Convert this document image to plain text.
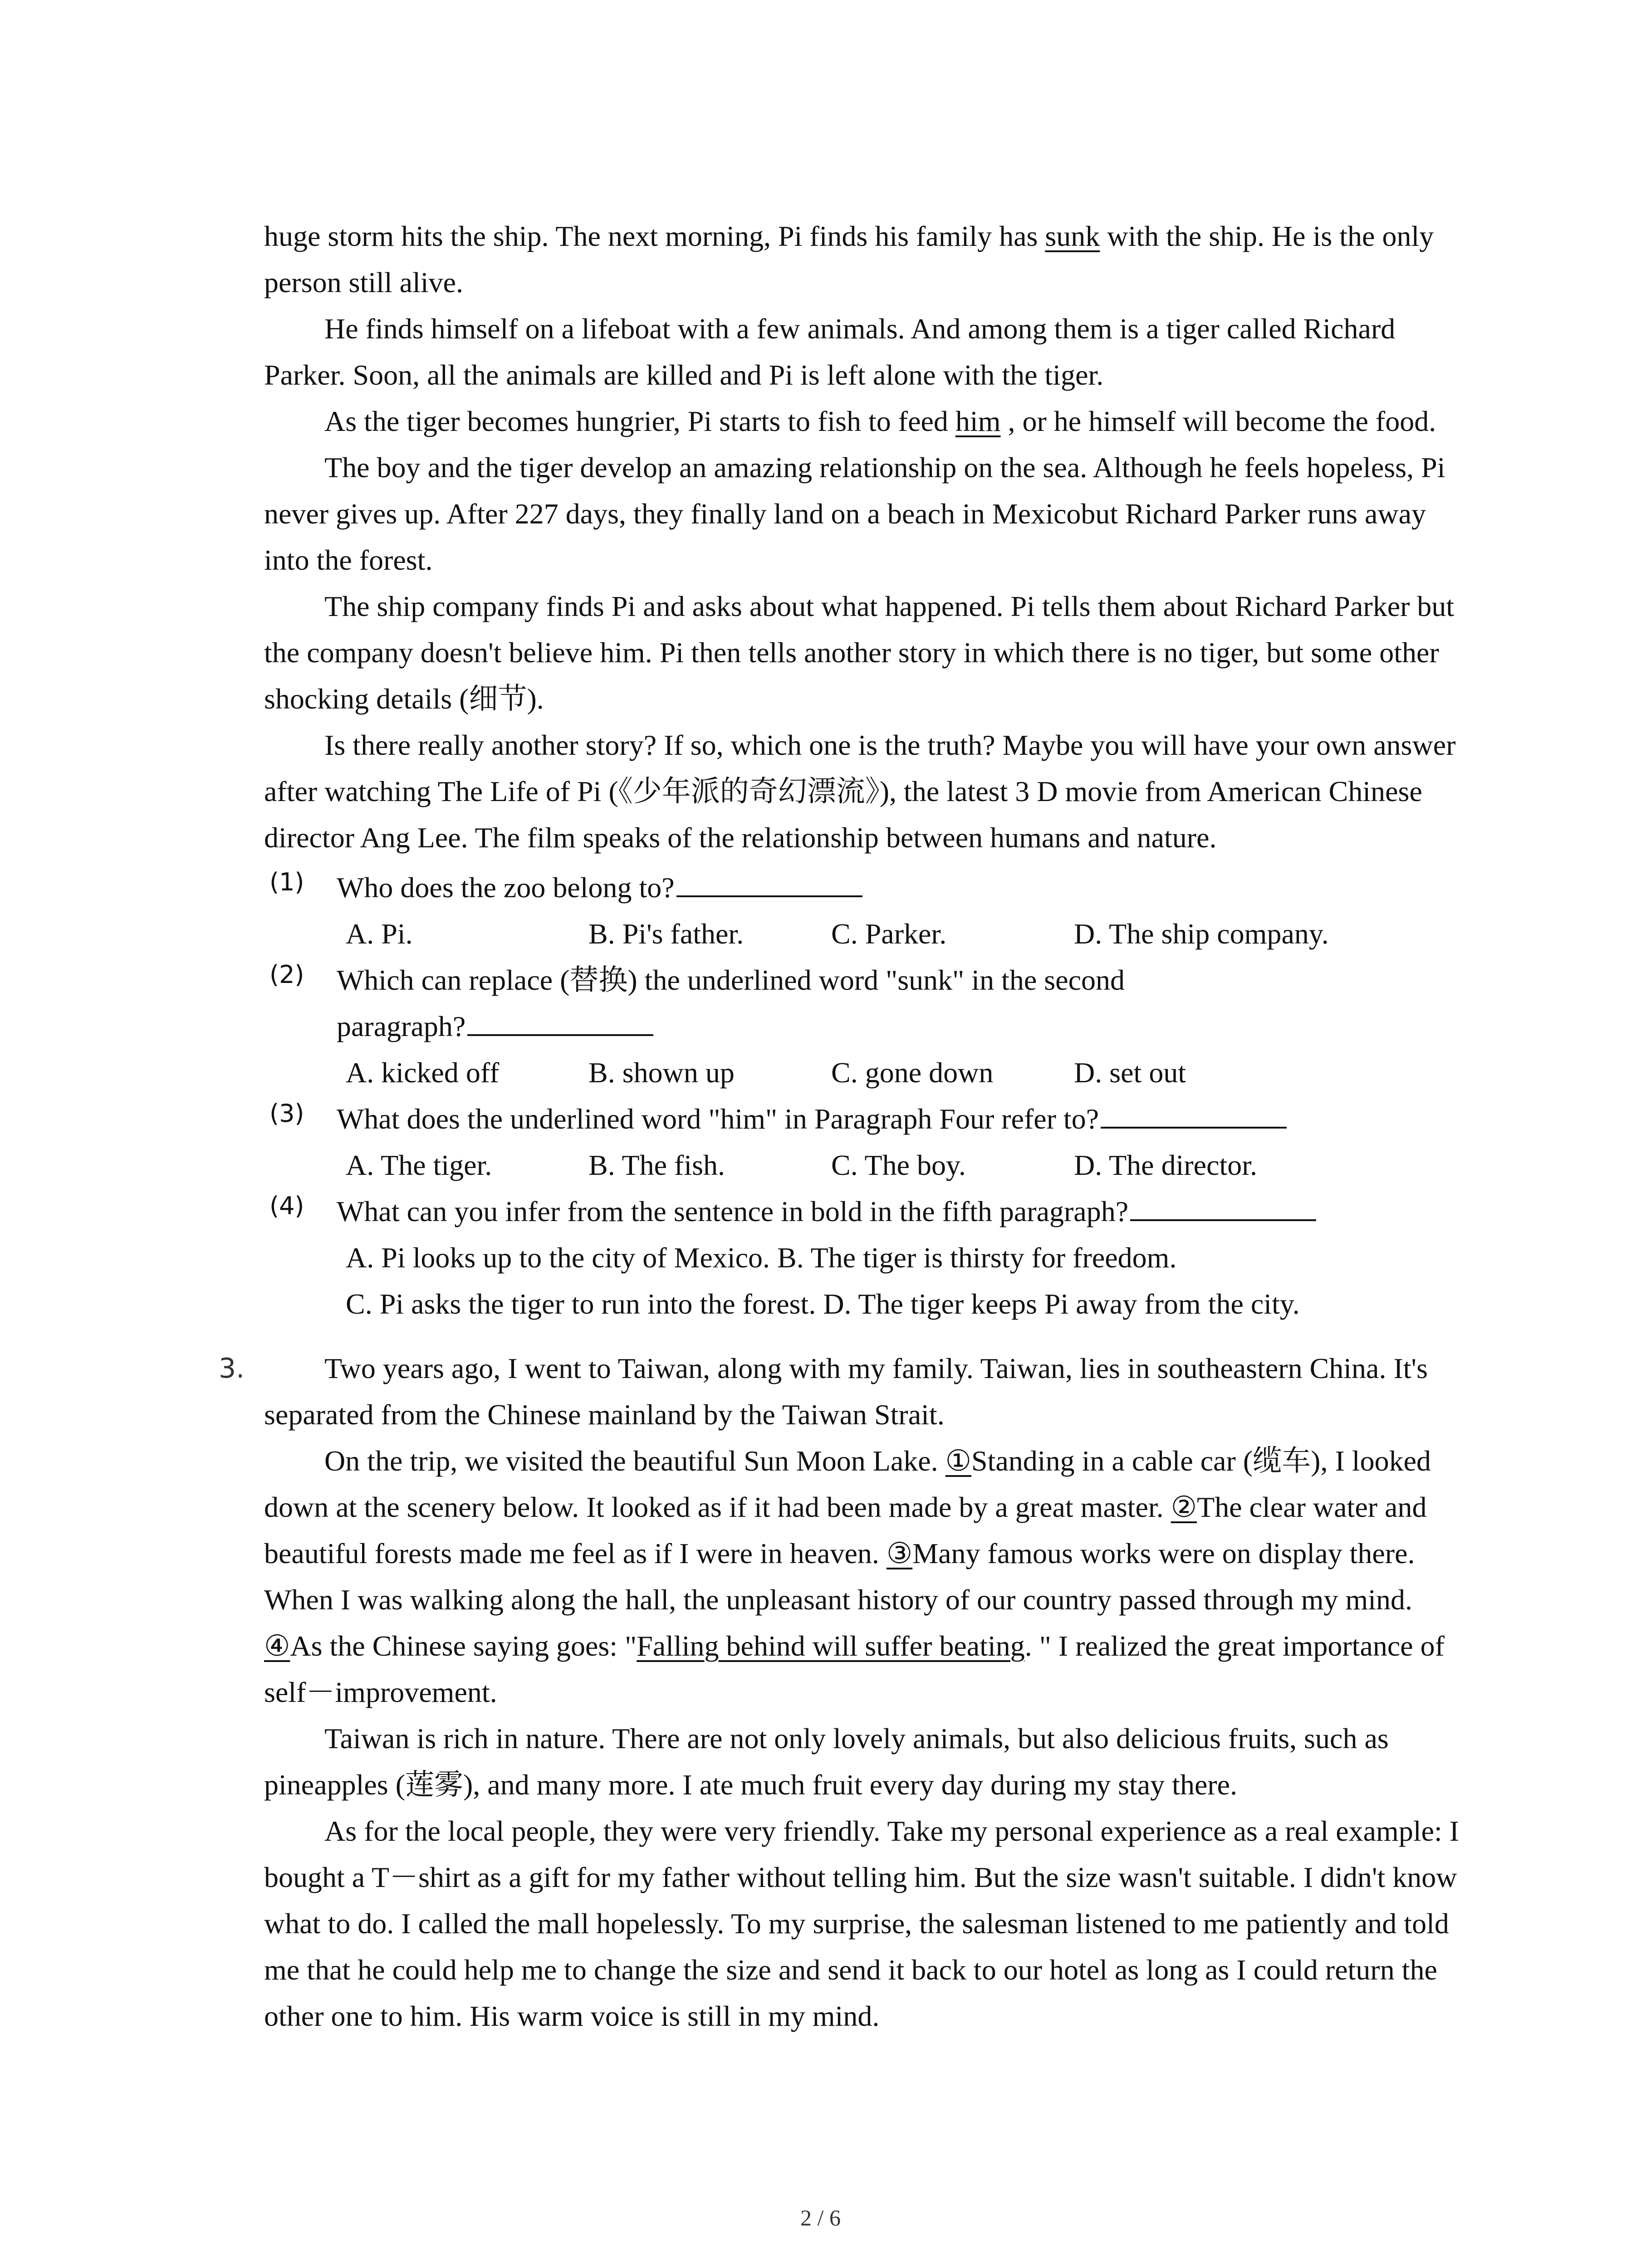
huge storm hits the ship. The next morning, Pi finds his family has sunk with the ship. He is the only person still alive.

He finds himself on a lifeboat with a few animals. And among them is a tiger called Richard Parker. Soon, all the animals are killed and Pi is left alone with the tiger.

As the tiger becomes hungrier, Pi starts to fish to feed him , or he himself will become the food.

The boy and the tiger develop an amazing relationship on the sea. Although he feels hopeless, Pi never gives up. After 227 days, they finally land on a beach in Mexicobut Richard Parker runs away into the forest.

The ship company finds Pi and asks about what happened. Pi tells them about Richard Parker but the company doesn't believe him. Pi then tells another story in which there is no tiger, but some other shocking details (细节).

Is there really another story? If so, which one is the truth? Maybe you will have your own answer after watching The Life of Pi (《少年派的奇幻漂流》), the latest 3 D movie from American Chinese director Ang Lee. The film speaks of the relationship between humans and nature.

(1) Who does the zoo belong to?
A. Pi.	B. Pi's father.	C. Parker.	D. The ship company.
(2) Which can replace (替换) the underlined word "sunk" in the second
paragraph?
A. kicked off	B. shown up	C. gone down	D. set out
(3) What does the underlined word "him" in Paragraph Four refer to?
A. The tiger.	B. The fish.	C. The boy.	D. The director.
(4) What can you infer from the sentence in bold in the fifth paragraph?
A. Pi looks up to the city of Mexico. B. The tiger is thirsty for freedom.
C. Pi asks the tiger to run into the forest. D. The tiger keeps Pi away from the city.
3.	Two years ago, I went to Taiwan, along with my family. Taiwan, lies in southeastern China. It's separated from the Chinese mainland by the Taiwan Strait.

On the trip, we visited the beautiful Sun Moon Lake. ①Standing in a cable car (缆车), I looked down at the scenery below. It looked as if it had been made by a great master. ②The clear water and beautiful forests made me feel as if I were in heaven. ③Many famous works were on display there. When I was walking along the hall, the unpleasant history of our country passed through my mind. ④As the Chinese saying goes: "Falling behind will suffer beating. " I realized the great importance of self－improvement.

Taiwan is rich in nature. There are not only lovely animals, but also delicious fruits, such as pineapples (莲雾), and many more. I ate much fruit every day during my stay there.

As for the local people, they were very friendly. Take my personal experience as a real example: I bought a T－shirt as a gift for my father without telling him. But the size wasn't suitable. I didn't know what to do. I called the mall hopelessly. To my surprise, the salesman listened to me patiently and told me that he could help me to change the size and send it back to our hotel as long as I could return the other one to him. His warm voice is still in my mind.

2 / 6
